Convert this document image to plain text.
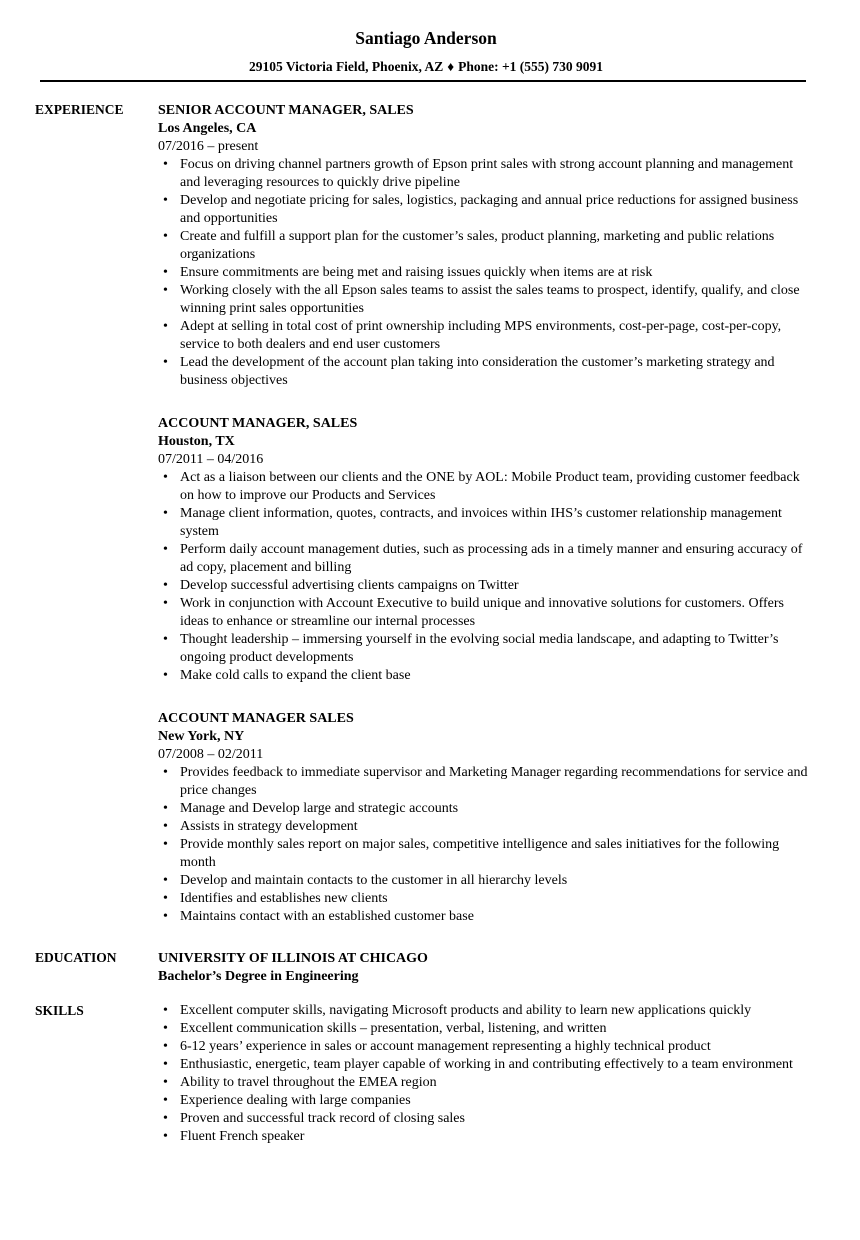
Santiago Anderson
29105 Victoria Field, Phoenix, AZ ♦ Phone: +1 (555) 730 9091
EXPERIENCE	SENIOR ACCOUNT MANAGER, SALES
Los Angeles, CA
07/2016 – present
• Focus on driving channel partners growth of Epson print sales with strong account planning and management and leveraging resources to quickly drive pipeline
• Develop and negotiate pricing for sales, logistics, packaging and annual price reductions for assigned business and opportunities
• Create and fulfill a support plan for the customer’s sales, product planning, marketing and public relations organizations
• Ensure commitments are being met and raising issues quickly when items are at risk
• Working closely with the all Epson sales teams to assist the sales teams to prospect, identify, qualify, and close winning print sales opportunities
• Adept at selling in total cost of print ownership including MPS environments, cost-per-page, cost-per-copy, service to both dealers and end user customers
• Lead the development of the account plan taking into consideration the customer’s marketing strategy and business objectives
ACCOUNT MANAGER, SALES
Houston, TX
07/2011 – 04/2016
• Act as a liaison between our clients and the ONE by AOL: Mobile Product team, providing customer feedback on how to improve our Products and Services
• Manage client information, quotes, contracts, and invoices within IHS’s customer relationship management system
• Perform daily account management duties, such as processing ads in a timely manner and ensuring accuracy of ad copy, placement and billing
• Develop successful advertising clients campaigns on Twitter
• Work in conjunction with Account Executive to build unique and innovative solutions for customers. Offers ideas to enhance or streamline our internal processes
• Thought leadership – immersing yourself in the evolving social media landscape, and adapting to Twitter’s ongoing product developments
• Make cold calls to expand the client base
ACCOUNT MANAGER SALES
New York, NY
07/2008 – 02/2011
• Provides feedback to immediate supervisor and Marketing Manager regarding recommendations for service and price changes
• Manage and Develop large and strategic accounts
• Assists in strategy development
• Provide monthly sales report on major sales, competitive intelligence and sales initiatives for the following month
• Develop and maintain contacts to the customer in all hierarchy levels
• Identifies and establishes new clients
• Maintains contact with an established customer base
EDUCATION	UNIVERSITY OF ILLINOIS AT CHICAGO
Bachelor’s Degree in Engineering
SKILLS
•	Excellent computer skills, navigating Microsoft products and ability to learn new applications quickly
• Excellent communication skills – presentation, verbal, listening, and written
• 6-12 years’ experience in sales or account management representing a highly technical product
• Enthusiastic, energetic, team player capable of working in and contributing effectively to a team environment
• Ability to travel throughout the EMEA region
• Experience dealing with large companies
• Proven and successful track record of closing sales
• Fluent French speaker
